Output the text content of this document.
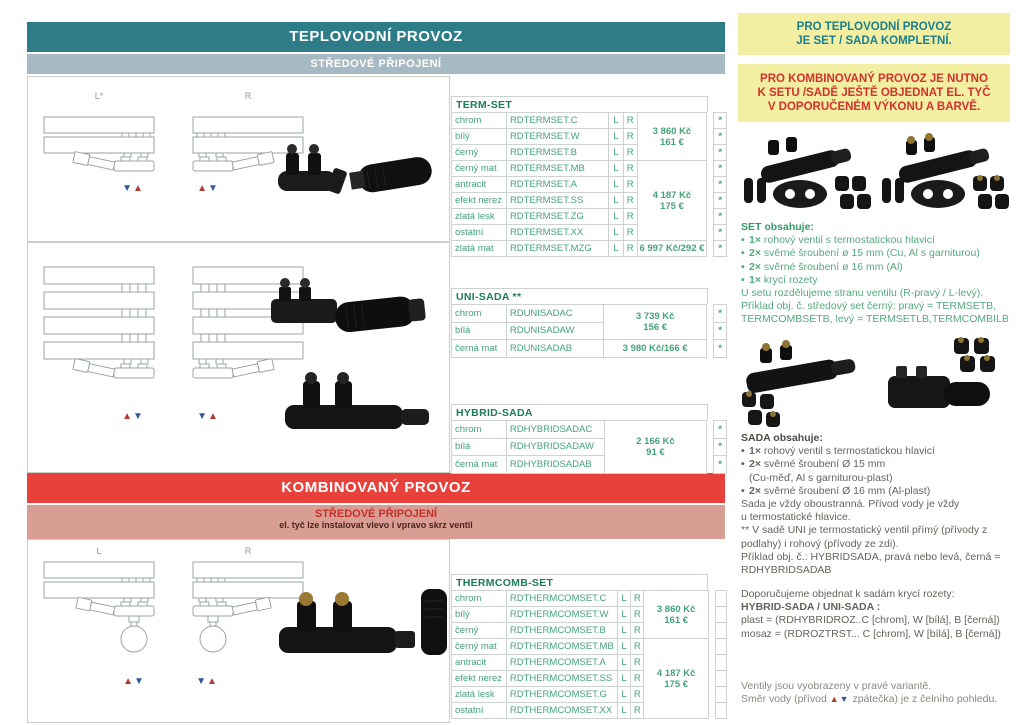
TEPLOVODNÍ PROVOZ
STŘEDOVÉ PŘIPOJENÍ
L*	R
▼▲	▲▼
▲▼	▼▲
KOMBINOVANÝ PROVOZ
STŘEDOVÉ PŘIPOJENÍ
el. tyč lze instalovat vlevo i vpravo skrz ventil
L	R
▲▼	▼▲
TERM-SET
chrom	RDTERMSET.C	L	R	3 860 Kč
161 €		*
bílý	RDTERMSET.W	L	R			*
černý	RDTERMSET.B	L	R			*
černý mat	RDTERMSET.MB	L	R	4 187 Kč
175 €		*
antracit	RDTERMSET.A	L	R			*
efekt nerez	RDTERMSET.SS	L	R			*
zlatá lesk	RDTERMSET.ZG	L	R			*
ostatní	RDTERMSET.XX	L	R			*
zlatá mat	RDTERMSET.MZG	L	R	6 997 Kč/292 €		*
UNI-SADA **
chrom	RDUNISADAC	3 739 Kč
156 €		*
bílá	RDUNISADAW			*
černá mat	RDUNISADAB	3 980 Kč/166 €		*
HYBRID-SADA
chrom	RDHYBRIDSADAC	2 166 Kč
91 €		*
bílá	RDHYBRIDSADAW			*
černá mat	RDHYBRIDSADAB			*
THERMCOMB-SET
chrom	RDTHERMCOMSET.C	L	R	3 860 Kč
161 €		
bílý	RDTHERMCOMSET.W	L	R			
černý	RDTHERMCOMSET.B	L	R			
černý mat	RDTHERMCOMSET.MB	L	R	4 187 Kč
175 €		
antracit	RDTHERMCOMSET.A	L	R			
efekt nerez	RDTHERMCOMSET.SS	L	R			
zlatá lesk	RDTHERMCOMSET.G	L	R			
ostatní	RDTHERMCOMSET.XX	L	R			
PRO TEPLOVODNÍ PROVOZ
JE SET / SADA KOMPLETNÍ.
PRO KOMBINOVANÝ PROVOZ JE NUTNO
K SETU /SADĚ JEŠTĚ OBJEDNAT EL. TYČ
V DOPORUČENÉM VÝKONU A BARVĚ.
SET obsahuje:
• 1× rohový ventil s termostatickou hlavicí
• 2× svěrné šroubení ø 15 mm (Cu, Al s garniturou)
• 2× svěrné šroubení ø 16 mm (Al)
• 1× krycí rozety
U setu rozdělujeme stranu ventilu (R-pravý / L-levý).
Příklad obj. č. středový set černý: pravý = TERMSETB,
TERMCOMBSETB, levý = TERMSETLB,TERMCOMBILB
SADA obsahuje:
• 1× rohový ventil s termostatickou hlavicí
• 2× svěrné šroubení Ø 15 mm
(Cu-měď, Al s garniturou-plast)
• 2× svěrné šroubení Ø 16 mm (Al-plast)
Sada je vždy oboustranná. Přívod vody je vždy
u termostatické hlavice.
** V sadě UNI je termostatický ventil přímý (přívody z
podlahy) i rohový (přívody ze zdi).
Příklad obj. č.: HYBRIDSADA, pravá nebo levá, černá =
RDHYBRIDSADAB
Doporučujeme objednat k sadám krycí rozety:
HYBRID-SADA / UNI-SADA :
plast = (RDHYBRIDROZ..C [chrom], W [bílá], B [černá])
mosaz = (RDROZTRST... C [chrom], W [bílá], B [černá])
Ventily jsou vyobrazeny v pravé variantě.
Směr vody (přívod ▲▼ zpátečka) je z čelního pohledu.
